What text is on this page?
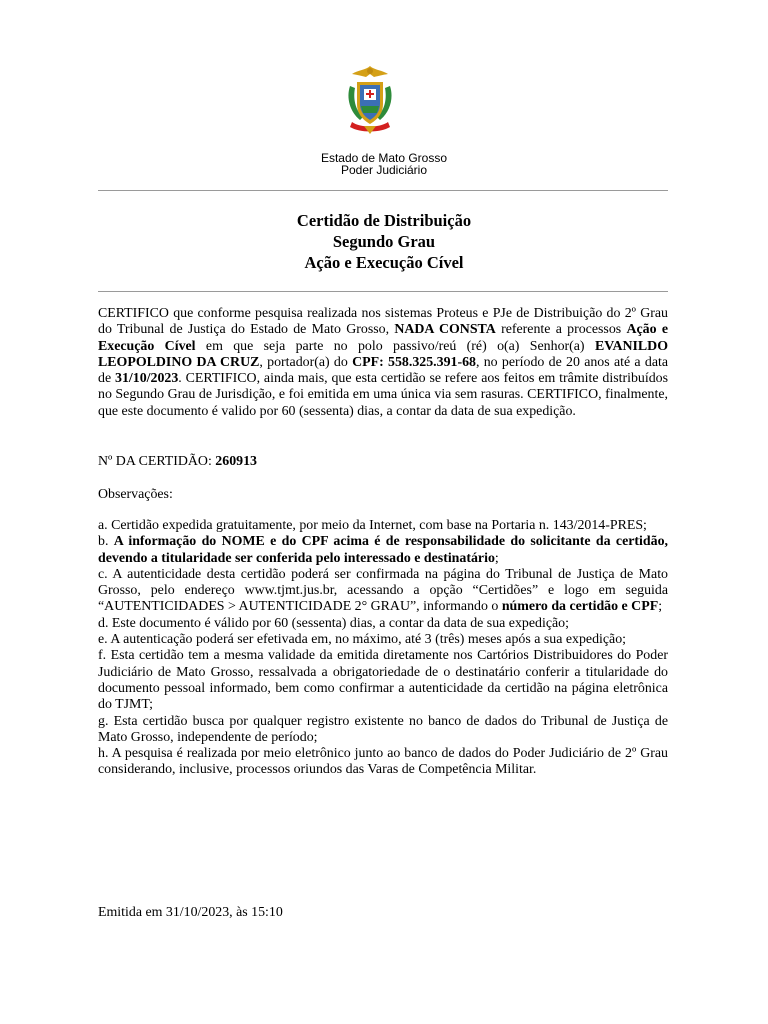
Estado de Mato Grosso
Poder Judiciário
Certidão de Distribuição
Segundo Grau
Ação e Execução Cível

CERTIFICO que conforme pesquisa realizada nos sistemas Proteus e PJe de Distribuição do 2º Grau do Tribunal de Justiça do Estado de Mato Grosso, NADA CONSTA referente a processos Ação e Execução Cível em que seja parte no polo passivo/reú (ré) o(a) Senhor(a) EVANILDO LEOPOLDINO DA CRUZ, portador(a) do CPF: 558.325.391-68, no período de 20 anos até a data de 31/10/2023. CERTIFICO, ainda mais, que esta certidão se refere aos feitos em trâmite distribuídos no Segundo Grau de Jurisdição, e foi emitida em uma única via sem rasuras. CERTIFICO, finalmente, que este documento é valido por 60 (sessenta) dias, a contar da data de sua expedição.

Nº DA CERTIDÃO: 260913
Observações:

a. Certidão expedida gratuitamente, por meio da Internet, com base na Portaria n. 143/2014-PRES;

b. A informação do NOME e do CPF acima é de responsabilidade do solicitante da certidão, devendo a titularidade ser conferida pelo interessado e destinatário;

c. A autenticidade desta certidão poderá ser confirmada na página do Tribunal de Justiça de Mato Grosso, pelo endereço www.tjmt.jus.br, acessando a opção “Certidões” e logo em seguida “AUTENTICIDADES > AUTENTICIDADE 2° GRAU”, informando o número da certidão e CPF;

d. Este documento é válido por 60 (sessenta) dias, a contar da data de sua expedição;

e. A autenticação poderá ser efetivada em, no máximo, até 3 (três) meses após a sua expedição;

f. Esta certidão tem a mesma validade da emitida diretamente nos Cartórios Distribuidores do Poder Judiciário de Mato Grosso, ressalvada a obrigatoriedade de o destinatário conferir a titularidade do documento pessoal informado, bem como confirmar a autenticidade da certidão na página eletrônica do TJMT;

g. Esta certidão busca por qualquer registro existente no banco de dados do Tribunal de Justiça de Mato Grosso, independente de período;

h. A pesquisa é realizada por meio eletrônico junto ao banco de dados do Poder Judiciário de 2º Grau considerando, inclusive, processos oriundos das Varas de Competência Militar.

Emitida em 31/10/2023, às 15:10
